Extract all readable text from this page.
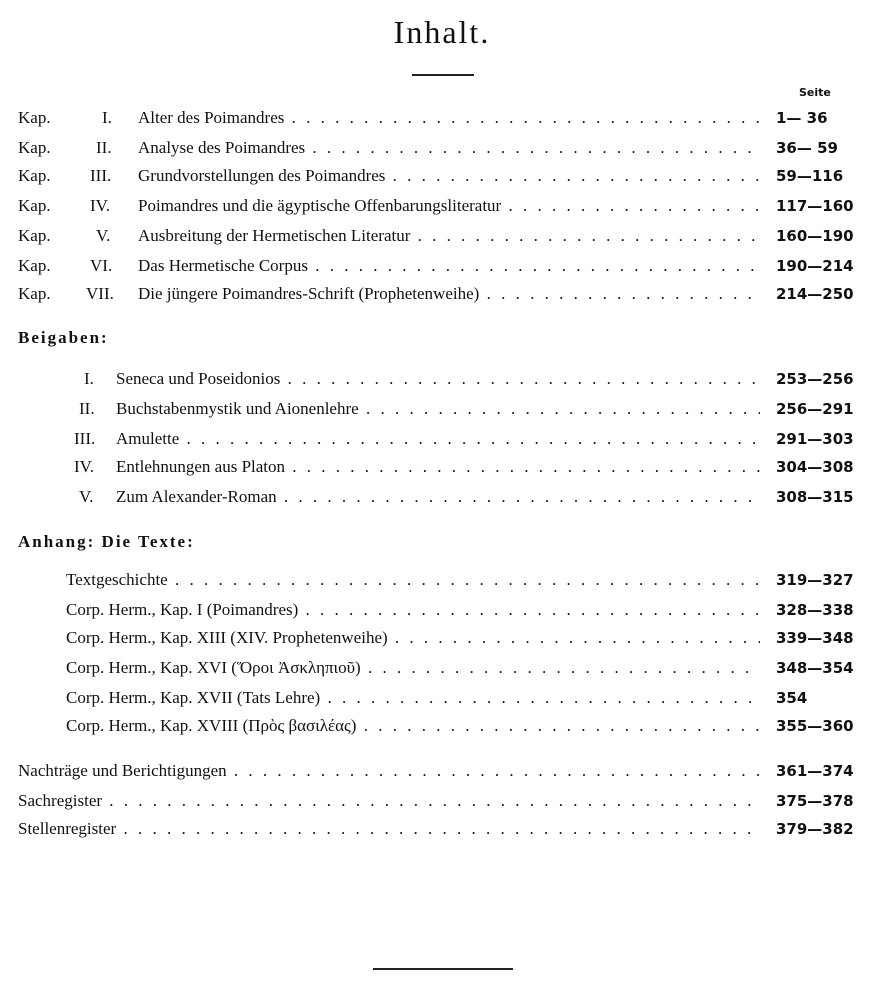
Inhalt.
Seite
Kap.	I. Alter des Poimandres . . .	1— 36
Kap.	II. Analyse des Poimandres . . .	36— 59
Kap. III. Grundvorstellungen des Poimandres . . .	59—116
Kap. IV. Poimandres und die ägyptische Offenbarungsliteratur . . .	117—160
Kap.	V. Ausbreitung der Hermetischen Literatur . . .	160—190
Kap. VI. Das Hermetische Corpus . . .	190—214
Kap. VII. Die jüngere Poimandres-Schrift (Prophetenweihe) . . .	214—250
Beigaben:
I. Seneca und Poseidonios . . .	253—256
II. Buchstabenmystik und Aionenlehre . . .	256—291
III. Amulette . . .	291—303
IV. Entlehnungen aus Platon . . .	304—308
V. Zum Alexander-Roman . . .	308—315
Anhang: Die Texte:
Textgeschichte . . .	319—327
Corp. Herm., Kap. I (Poimandres) . . .	328—338
Corp. Herm., Kap. XIII (XIV. Prophetenweihe) . . .	339—348
Corp. Herm., Kap. XVI (Ὅροι Ἀσκληπιοῦ) . . .	348—354
Corp. Herm., Kap. XVII (Tats Lehre) . . .	354
Corp. Herm., Kap. XVIII (Πρὸς βασιλέας) . . .	355—360
Nachträge und Berichtigungen . . .	361—374
Sachregister . . .	375—378
Stellenregister . . .	379—382
